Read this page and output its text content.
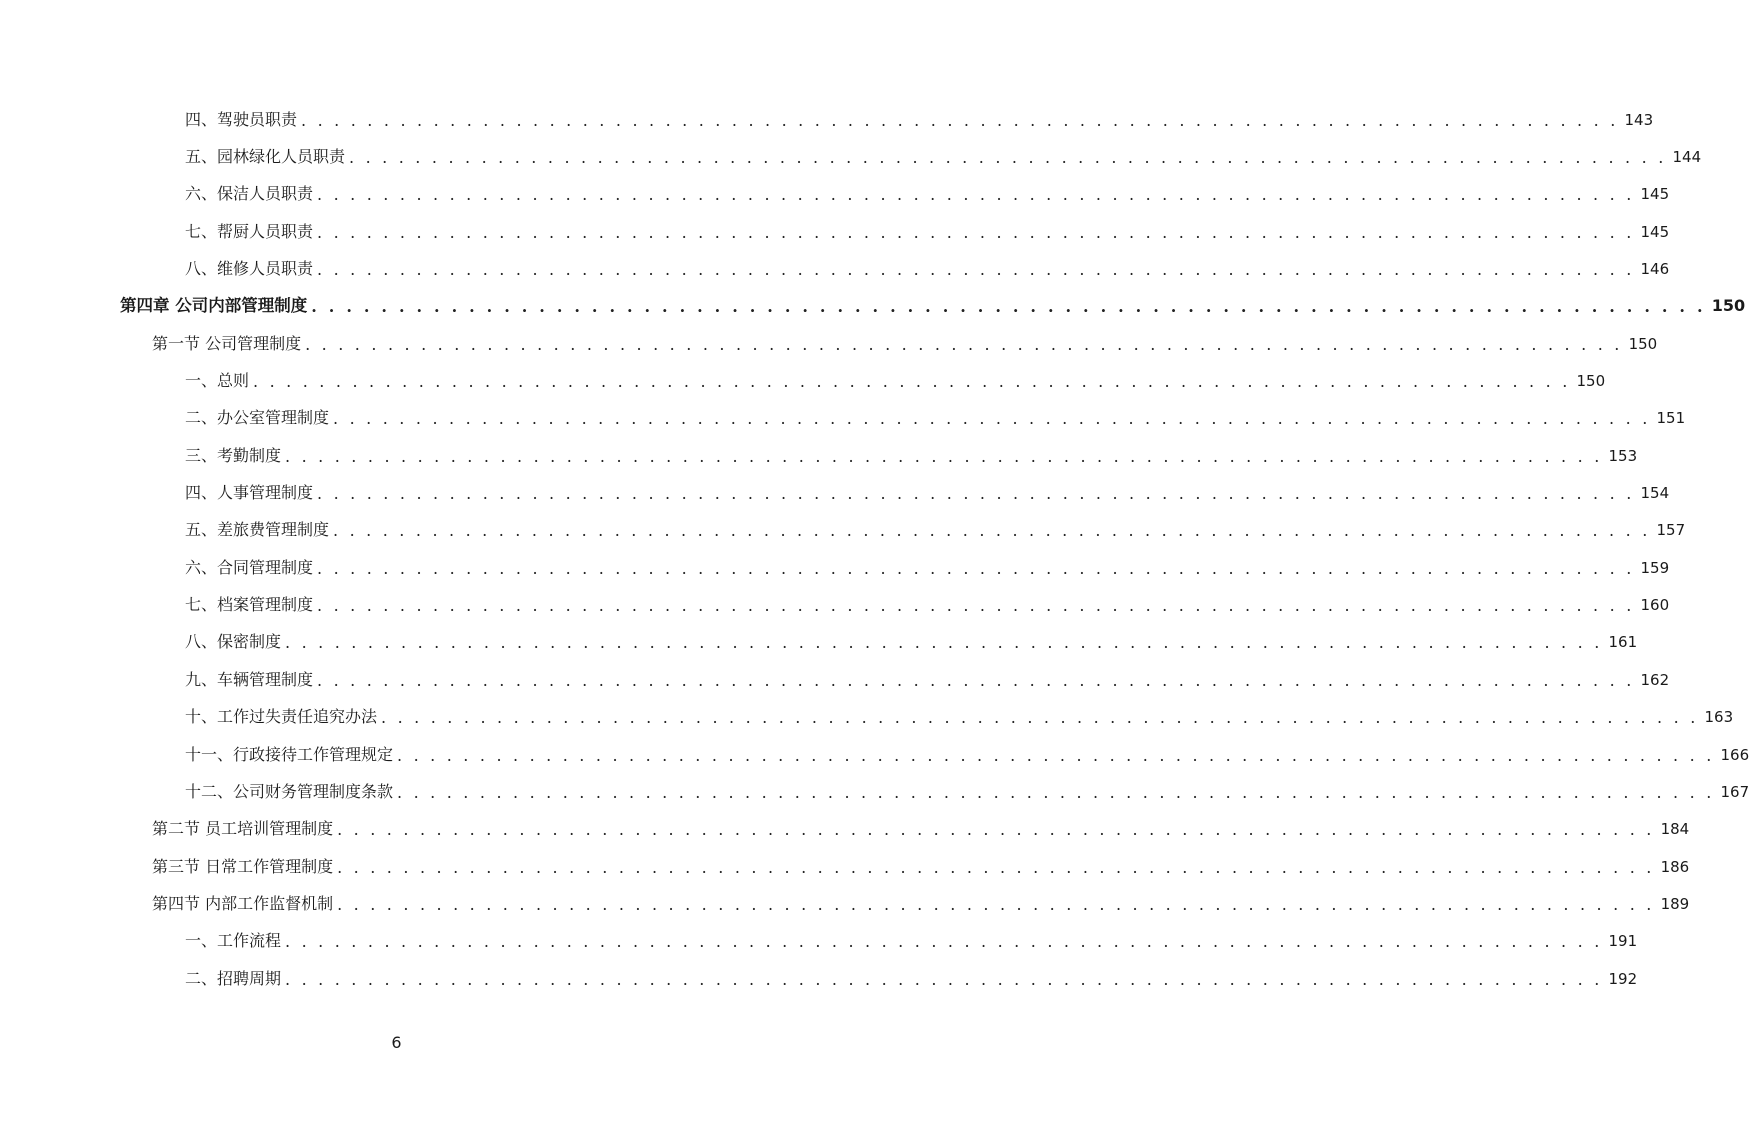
四、驾驶员职责 . . . . . . . . . . . . . . . . . . . . . . . . . . . . . . . . . . . . . . . . . . . . . . . . . . . . . . . . . . . . . . . . . . . . . . . . . . . . . . . . 143
五、园林绿化人员职责 . . . . . . . . . . . . . . . . . . . . . . . . . . . . . . . . . . . . . . . . . . . . . . . . . . . . . . . . . . . . . . . . . . . . . . . . . . . . . . . . 144
六、保洁人员职责 . . . . . . . . . . . . . . . . . . . . . . . . . . . . . . . . . . . . . . . . . . . . . . . . . . . . . . . . . . . . . . . . . . . . . . . . . . . . . . . . 145
七、帮厨人员职责 . . . . . . . . . . . . . . . . . . . . . . . . . . . . . . . . . . . . . . . . . . . . . . . . . . . . . . . . . . . . . . . . . . . . . . . . . . . . . . . . 145
八、维修人员职责 . . . . . . . . . . . . . . . . . . . . . . . . . . . . . . . . . . . . . . . . . . . . . . . . . . . . . . . . . . . . . . . . . . . . . . . . . . . . . . . . 146
第四章 公司内部管理制度 . . . . . . . . . . . . . . . . . . . . . . . . . . . . . . . . . . . . . . . . . . . . . . . . . . . . . . . . . . . . . . . . . . . . . . . . . . . . . . . . 150
第一节 公司管理制度 . . . . . . . . . . . . . . . . . . . . . . . . . . . . . . . . . . . . . . . . . . . . . . . . . . . . . . . . . . . . . . . . . . . . . . . . . . . . . . . . 150
一、总则 . . . . . . . . . . . . . . . . . . . . . . . . . . . . . . . . . . . . . . . . . . . . . . . . . . . . . . . . . . . . . . . . . . . . . . . . . . . . . . . . 150
二、办公室管理制度 . . . . . . . . . . . . . . . . . . . . . . . . . . . . . . . . . . . . . . . . . . . . . . . . . . . . . . . . . . . . . . . . . . . . . . . . . . . . . . . . 151
三、考勤制度 . . . . . . . . . . . . . . . . . . . . . . . . . . . . . . . . . . . . . . . . . . . . . . . . . . . . . . . . . . . . . . . . . . . . . . . . . . . . . . . . 153
四、人事管理制度 . . . . . . . . . . . . . . . . . . . . . . . . . . . . . . . . . . . . . . . . . . . . . . . . . . . . . . . . . . . . . . . . . . . . . . . . . . . . . . . . 154
五、差旅费管理制度 . . . . . . . . . . . . . . . . . . . . . . . . . . . . . . . . . . . . . . . . . . . . . . . . . . . . . . . . . . . . . . . . . . . . . . . . . . . . . . . . 157
六、合同管理制度 . . . . . . . . . . . . . . . . . . . . . . . . . . . . . . . . . . . . . . . . . . . . . . . . . . . . . . . . . . . . . . . . . . . . . . . . . . . . . . . . 159
七、档案管理制度 . . . . . . . . . . . . . . . . . . . . . . . . . . . . . . . . . . . . . . . . . . . . . . . . . . . . . . . . . . . . . . . . . . . . . . . . . . . . . . . . 160
八、保密制度 . . . . . . . . . . . . . . . . . . . . . . . . . . . . . . . . . . . . . . . . . . . . . . . . . . . . . . . . . . . . . . . . . . . . . . . . . . . . . . . . 161
九、车辆管理制度 . . . . . . . . . . . . . . . . . . . . . . . . . . . . . . . . . . . . . . . . . . . . . . . . . . . . . . . . . . . . . . . . . . . . . . . . . . . . . . . . 162
十、工作过失责任追究办法 . . . . . . . . . . . . . . . . . . . . . . . . . . . . . . . . . . . . . . . . . . . . . . . . . . . . . . . . . . . . . . . . . . . . . . . . . . . . . . . . 163
十一、行政接待工作管理规定 . . . . . . . . . . . . . . . . . . . . . . . . . . . . . . . . . . . . . . . . . . . . . . . . . . . . . . . . . . . . . . . . . . . . . . . . . . . . . . . . 166
十二、公司财务管理制度条款 . . . . . . . . . . . . . . . . . . . . . . . . . . . . . . . . . . . . . . . . . . . . . . . . . . . . . . . . . . . . . . . . . . . . . . . . . . . . . . . . 167
第二节 员工培训管理制度 . . . . . . . . . . . . . . . . . . . . . . . . . . . . . . . . . . . . . . . . . . . . . . . . . . . . . . . . . . . . . . . . . . . . . . . . . . . . . . . . 184
第三节 日常工作管理制度 . . . . . . . . . . . . . . . . . . . . . . . . . . . . . . . . . . . . . . . . . . . . . . . . . . . . . . . . . . . . . . . . . . . . . . . . . . . . . . . . 186
第四节 内部工作监督机制 . . . . . . . . . . . . . . . . . . . . . . . . . . . . . . . . . . . . . . . . . . . . . . . . . . . . . . . . . . . . . . . . . . . . . . . . . . . . . . . . 189
一、工作流程 . . . . . . . . . . . . . . . . . . . . . . . . . . . . . . . . . . . . . . . . . . . . . . . . . . . . . . . . . . . . . . . . . . . . . . . . . . . . . . . . 191
二、招聘周期 . . . . . . . . . . . . . . . . . . . . . . . . . . . . . . . . . . . . . . . . . . . . . . . . . . . . . . . . . . . . . . . . . . . . . . . . . . . . . . . . 192
6
